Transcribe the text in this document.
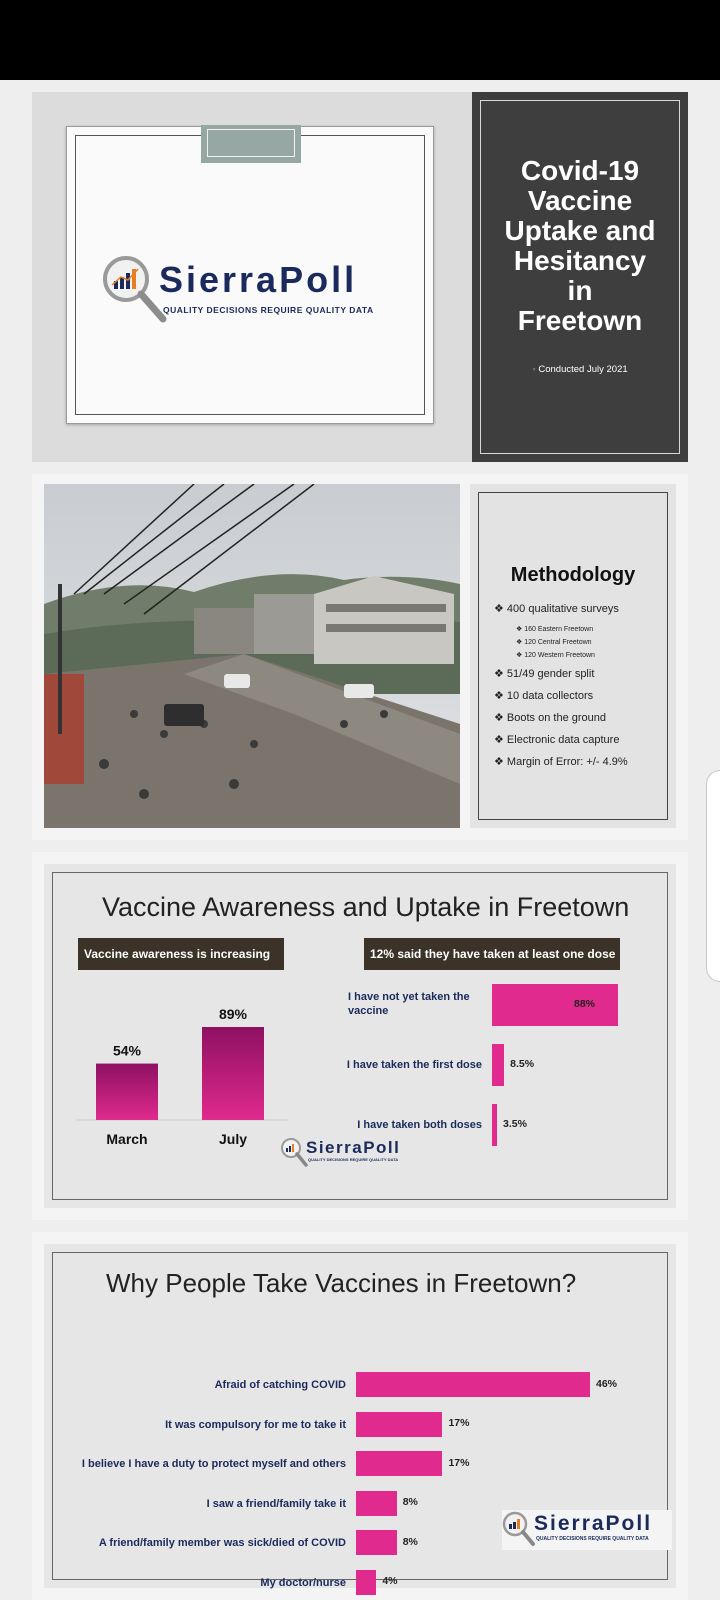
SierraPoll
QUALITY DECISIONS REQUIRE QUALITY DATA
Covid-19
Vaccine
Uptake and
Hesitancy
in
Freetown
◦ Conducted July 2021
Methodology
❖ 400 qualitative surveys
❖ 160 Eastern Freetown
❖ 120 Central Freetown
❖ 120 Western Freetown
❖ 51/49 gender split
❖ 10 data collectors
❖ Boots on the ground
❖ Electronic data capture
❖ Margin of Error: +/- 4.9%
Vaccine Awareness and Uptake in Freetown
Vaccine awareness is increasing	12% said they have taken at least one dose
54%
March
89%
July
I have not yet taken the vaccine
88%
I have taken the first dose	8.5%
I have taken both doses 3.5%
SierraPoll
QUALITY DECISIONS REQUIRE QUALITY DATA
Why People Take Vaccines in Freetown?
Afraid of catching COVID	46%
It was compulsory for me to take it	17%
I believe I have a duty to protect myself and others	17%
I saw a friend/family take it	8%
A friend/family member was sick/died of COVID	8%
My doctor/nurse	4%
SierraPoll
QUALITY DECISIONS REQUIRE QUALITY DATA
